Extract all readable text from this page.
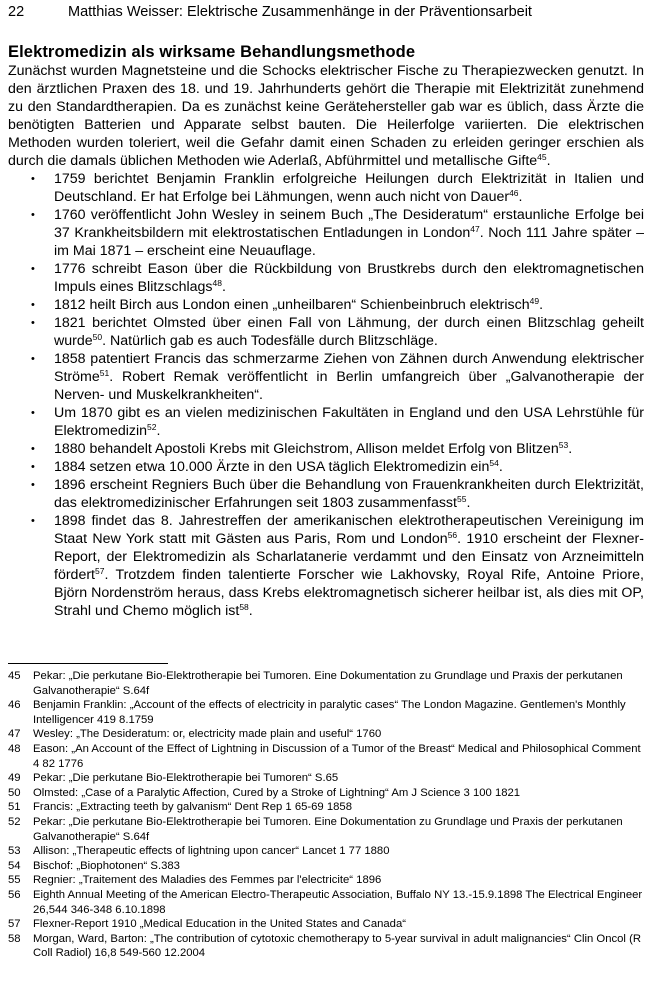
22	Matthias Weisser: Elektrische Zusammenhänge in der Präventionsarbeit
Elektromedizin als wirksame Behandlungsmethode

Zunächst wurden Magnetsteine und die Schocks elektrischer Fische zu Therapiezwecken genutzt. In den ärztlichen Praxen des 18. und 19. Jahrhunderts gehört die Therapie mit Elektrizität zunehmend zu den Standardtherapien. Da es zunächst keine Gerätehersteller gab war es üblich, dass Ärzte die benötigten Batterien und Apparate selbst bauten. Die Heilerfolge variierten. Die elektrischen Methoden wurden toleriert, weil die Gefahr damit einen Schaden zu erleiden geringer erschien als durch die damals üblichen Methoden wie Aderlaß, Abführmittel und metallische Gifte$^{45}$.

• 1759 berichtet Benjamin Franklin erfolgreiche Heilungen durch Elektrizität in Italien und Deutschland. Er hat Erfolge bei Lähmungen, wenn auch nicht von Dauer$^{46}$.
• 1760 veröffentlicht John Wesley in seinem Buch „The Desideratum“ erstaunliche Erfolge bei 37 Krankheitsbildern mit elektrostatischen Entladungen in London$^{47}$. Noch 111 Jahre später – im Mai 1871 – erscheint eine Neuauflage.
• 1776 schreibt Eason über die Rückbildung von Brustkrebs durch den elektromagnetischen Impuls eines Blitzschlags$^{48}$.
• 1812 heilt Birch aus London einen „unheilbaren“ Schienbeinbruch elektrisch$^{49}$.
• 1821 berichtet Olmsted über einen Fall von Lähmung, der durch einen Blitzschlag geheilt wurde$^{50}$. Natürlich gab es auch Todesfälle durch Blitzschläge.
• 1858 patentiert Francis das schmerzarme Ziehen von Zähnen durch Anwendung elektrischer Ströme$^{51}$. Robert Remak veröffentlicht in Berlin umfangreich über „Galvanotherapie der Nerven- und Muskelkrankheiten“.
• Um 1870 gibt es an vielen medizinischen Fakultäten in England und den USA Lehrstühle für Elektromedizin$^{52}$.
• 1880 behandelt Apostoli Krebs mit Gleichstrom, Allison meldet Erfolg von Blitzen$^{53}$.
• 1884 setzen etwa 10.000 Ärzte in den USA täglich Elektromedizin ein$^{54}$.
• 1896 erscheint Regniers Buch über die Behandlung von Frauenkrankheiten durch Elektrizität, das elektromedizinischer Erfahrungen seit 1803 zusammenfasst$^{55}$.
• 1898 findet das 8. Jahrestreffen der amerikanischen elektrotherapeutischen Vereinigung im Staat New York statt mit Gästen aus Paris, Rom und London$^{56}$. 1910 erscheint der Flexner-Report, der Elektromedizin als Scharlatanerie verdammt und den Einsatz von Arzneimitteln fördert$^{57}$. Trotzdem finden talentierte Forscher wie Lakhovsky, Royal Rife, Antoine Priore, Björn Nordenström heraus, dass Krebs elektromagnetisch sicherer heilbar ist, als dies mit OP, Strahl und Chemo möglich ist$^{58}$.
45 Pekar: „Die perkutane Bio-Elektrotherapie bei Tumoren. Eine Dokumentation zu Grundlage und Praxis der perkutanen Galvanotherapie“ S.64f
46 Benjamin Franklin: „Account of the effects of electricity in paralytic cases“ The London Magazine. Gentlemen's Monthly Intelligencer 419 8.1759
47 Wesley: „The Desideratum: or, electricity made plain and useful“ 1760
48 Eason: „An Account of the Effect of Lightning in Discussion of a Tumor of the Breast“ Medical and Philosophical Comment 4 82 1776
49 Pekar: „Die perkutane Bio-Elektrotherapie bei Tumoren“ S.65
50 Olmsted: „Case of a Paralytic Affection, Cured by a Stroke of Lightning“ Am J Science 3 100 1821
51 Francis: „Extracting teeth by galvanism“ Dent Rep 1 65-69 1858
52 Pekar: „Die perkutane Bio-Elektrotherapie bei Tumoren. Eine Dokumentation zu Grundlage und Praxis der perkutanen Galvanotherapie“ S.64f
53 Allison: „Therapeutic effects of lightning upon cancer“ Lancet 1 77 1880
54 Bischof: „Biophotonen“ S.383
55 Regnier: „Traitement des Maladies des Femmes par l'electricite“ 1896
56 Eighth Annual Meeting of the American Electro-Therapeutic Association, Buffalo NY 13.-15.9.1898 The Electrical Engineer 26,544 346-348 6.10.1898
57 Flexner-Report 1910 „Medical Education in the United States and Canada“
58 Morgan, Ward, Barton: „The contribution of cytotoxic chemotherapy to 5-year survival in adult malignancies“ Clin Oncol (R Coll Radiol) 16,8 549-560 12.2004
